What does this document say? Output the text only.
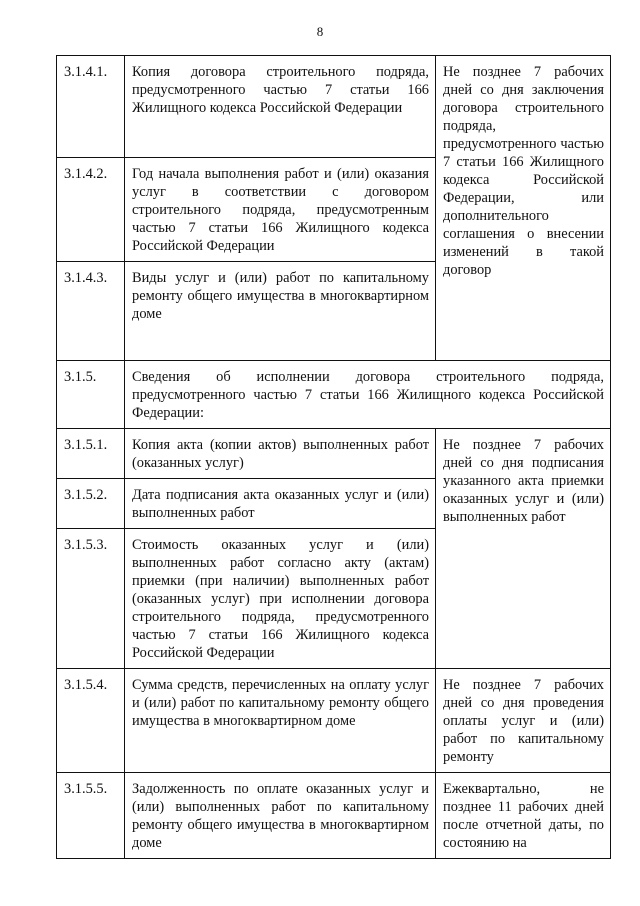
8
3.1.4.1.	Копия договора строительного подряда, предусмотренного частью 7 статьи 166 Жилищного кодекса Российской Федерации	Не позднее 7 рабочих дней со дня заключения договора строительного подряда, предусмотренного частью 7 статьи 166 Жилищного кодекса Российской Федерации, или дополнительного соглашения о внесении изменений в такой договор
3.1.4.2.	Год начала выполнения работ и (или) оказания услуг в соответствии с договором строительного подряда, предусмотренным частью 7 статьи 166 Жилищного кодекса Российской Федерации	
3.1.4.3.	Виды услуг и (или) работ по капитальному ремонту общего имущества в многоквартирном доме	
3.1.5.	Сведения об исполнении договора строительного подряда, предусмотренного частью 7 статьи 166 Жилищного кодекса Российской Федерации:	
3.1.5.1.	Копия акта (копии актов) выполненных работ (оказанных услуг)	Не позднее 7 рабочих дней со дня подписания указанного акта приемки оказанных услуг и (или) выполненных работ
3.1.5.2.	Дата подписания акта оказанных услуг и (или) выполненных работ	
3.1.5.3.	Стоимость оказанных услуг и (или) выполненных работ согласно акту (актам) приемки (при наличии) выполненных работ (оказанных услуг) при исполнении договора строительного подряда, предусмотренного частью 7 статьи 166 Жилищного кодекса Российской Федерации	
3.1.5.4.	Сумма средств, перечисленных на оплату услуг и (или) работ по капитальному ремонту общего имущества в многоквартирном доме	Не позднее 7 рабочих дней со дня проведения оплаты услуг и (или) работ по капитальному ремонту
3.1.5.5.	Задолженность по оплате оказанных услуг и (или) выполненных работ по капитальному ремонту общего имущества в многоквартирном доме	Ежеквартально, не позднее 11 рабочих дней после отчетной даты, по состоянию на
